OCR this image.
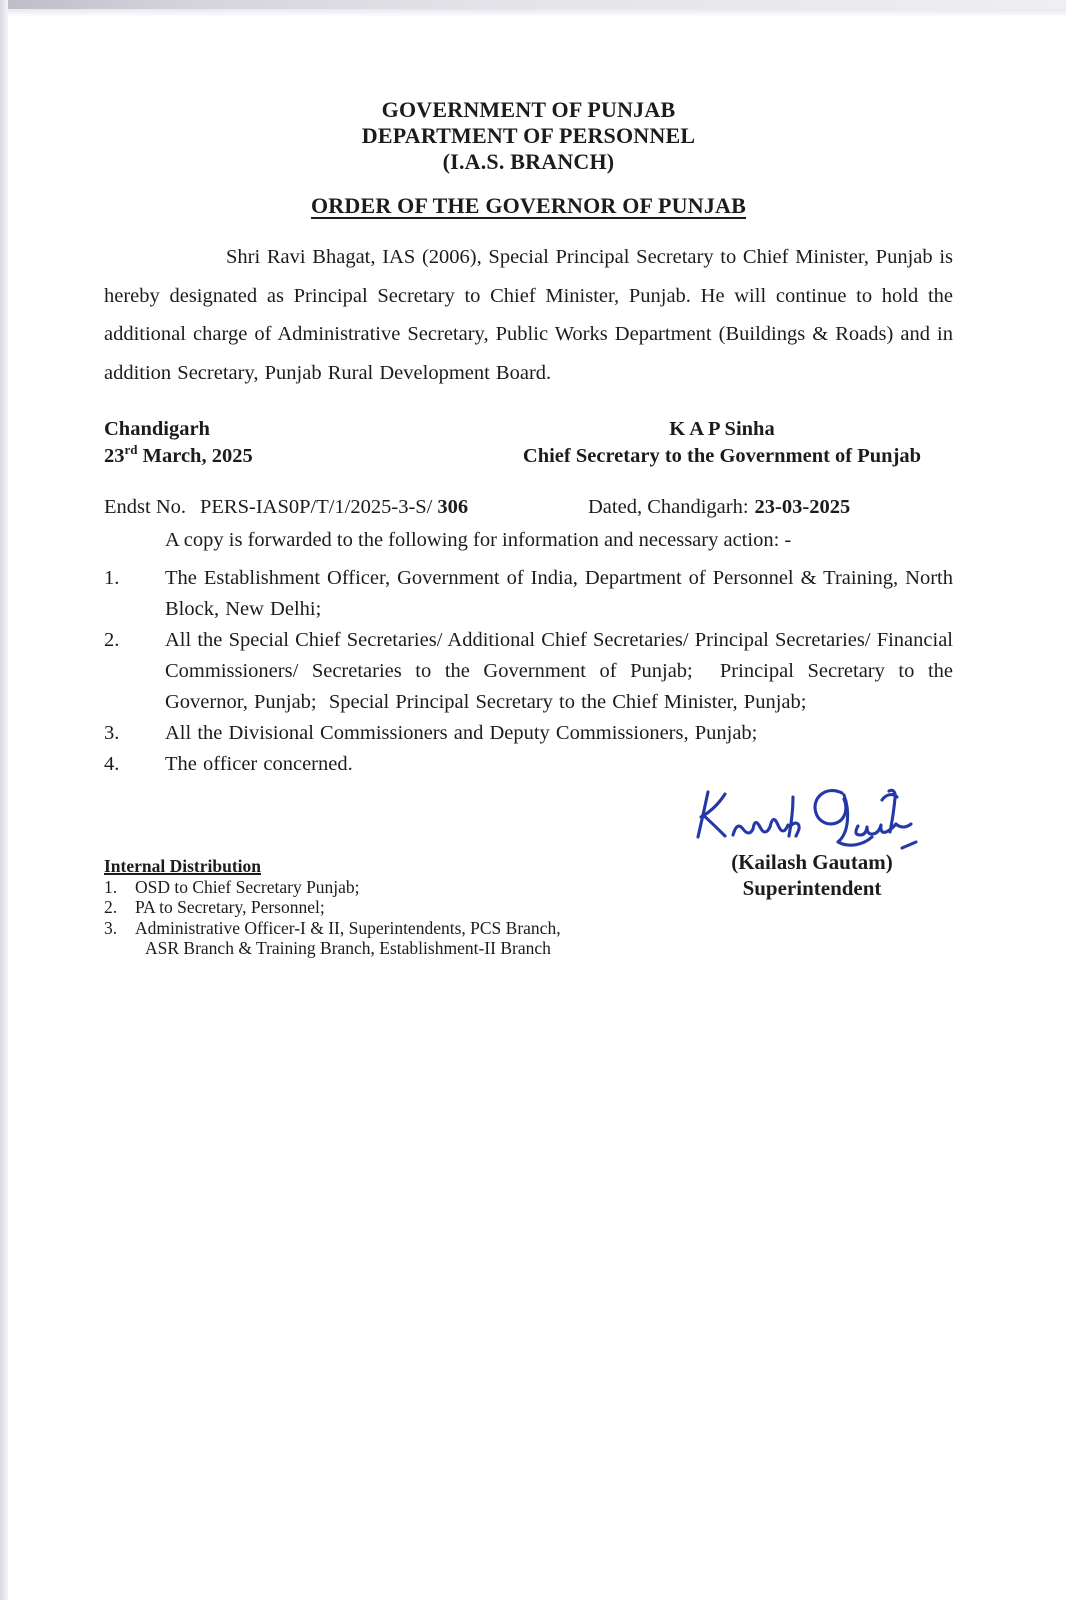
GOVERNMENT OF PUNJAB
DEPARTMENT OF PERSONNEL
(I.A.S. BRANCH)
ORDER OF THE GOVERNOR OF PUNJAB

Shri Ravi Bhagat, IAS (2006), Special Principal Secretary to Chief Minister, Punjab is hereby designated as Principal Secretary to Chief Minister, Punjab. He will continue to hold the additional charge of Administrative Secretary, Public Works Department (Buildings & Roads) and in addition Secretary, Punjab Rural Development Board.

Chandigarh
23rd March, 2025
K A P Sinha
Chief Secretary to the Government of Punjab
Endst No. PERS-IAS0P/T/1/2025-3-S/ 306	Dated, Chandigarh: 23-03-2025
A copy is forwarded to the following for information and necessary action: -
1.	The Establishment Officer, Government of India, Department of Personnel & Training, North Block, New Delhi;
2.	All the Special Chief Secretaries/ Additional Chief Secretaries/ Principal Secretaries/ Financial Commissioners/ Secretaries to the Government of Punjab;  Principal Secretary to the Governor, Punjab;  Special Principal Secretary to the Chief Minister, Punjab;
3.	All the Divisional Commissioners and Deputy Commissioners, Punjab;
4.	The officer concerned.
Internal Distribution
1.	OSD to Chief Secretary Punjab;
2.	PA to Secretary, Personnel;
3.	Administrative Officer-I & II, Superintendents, PCS Branch,
ASR Branch & Training Branch, Establishment-II Branch
(Kailash Gautam)
Superintendent
